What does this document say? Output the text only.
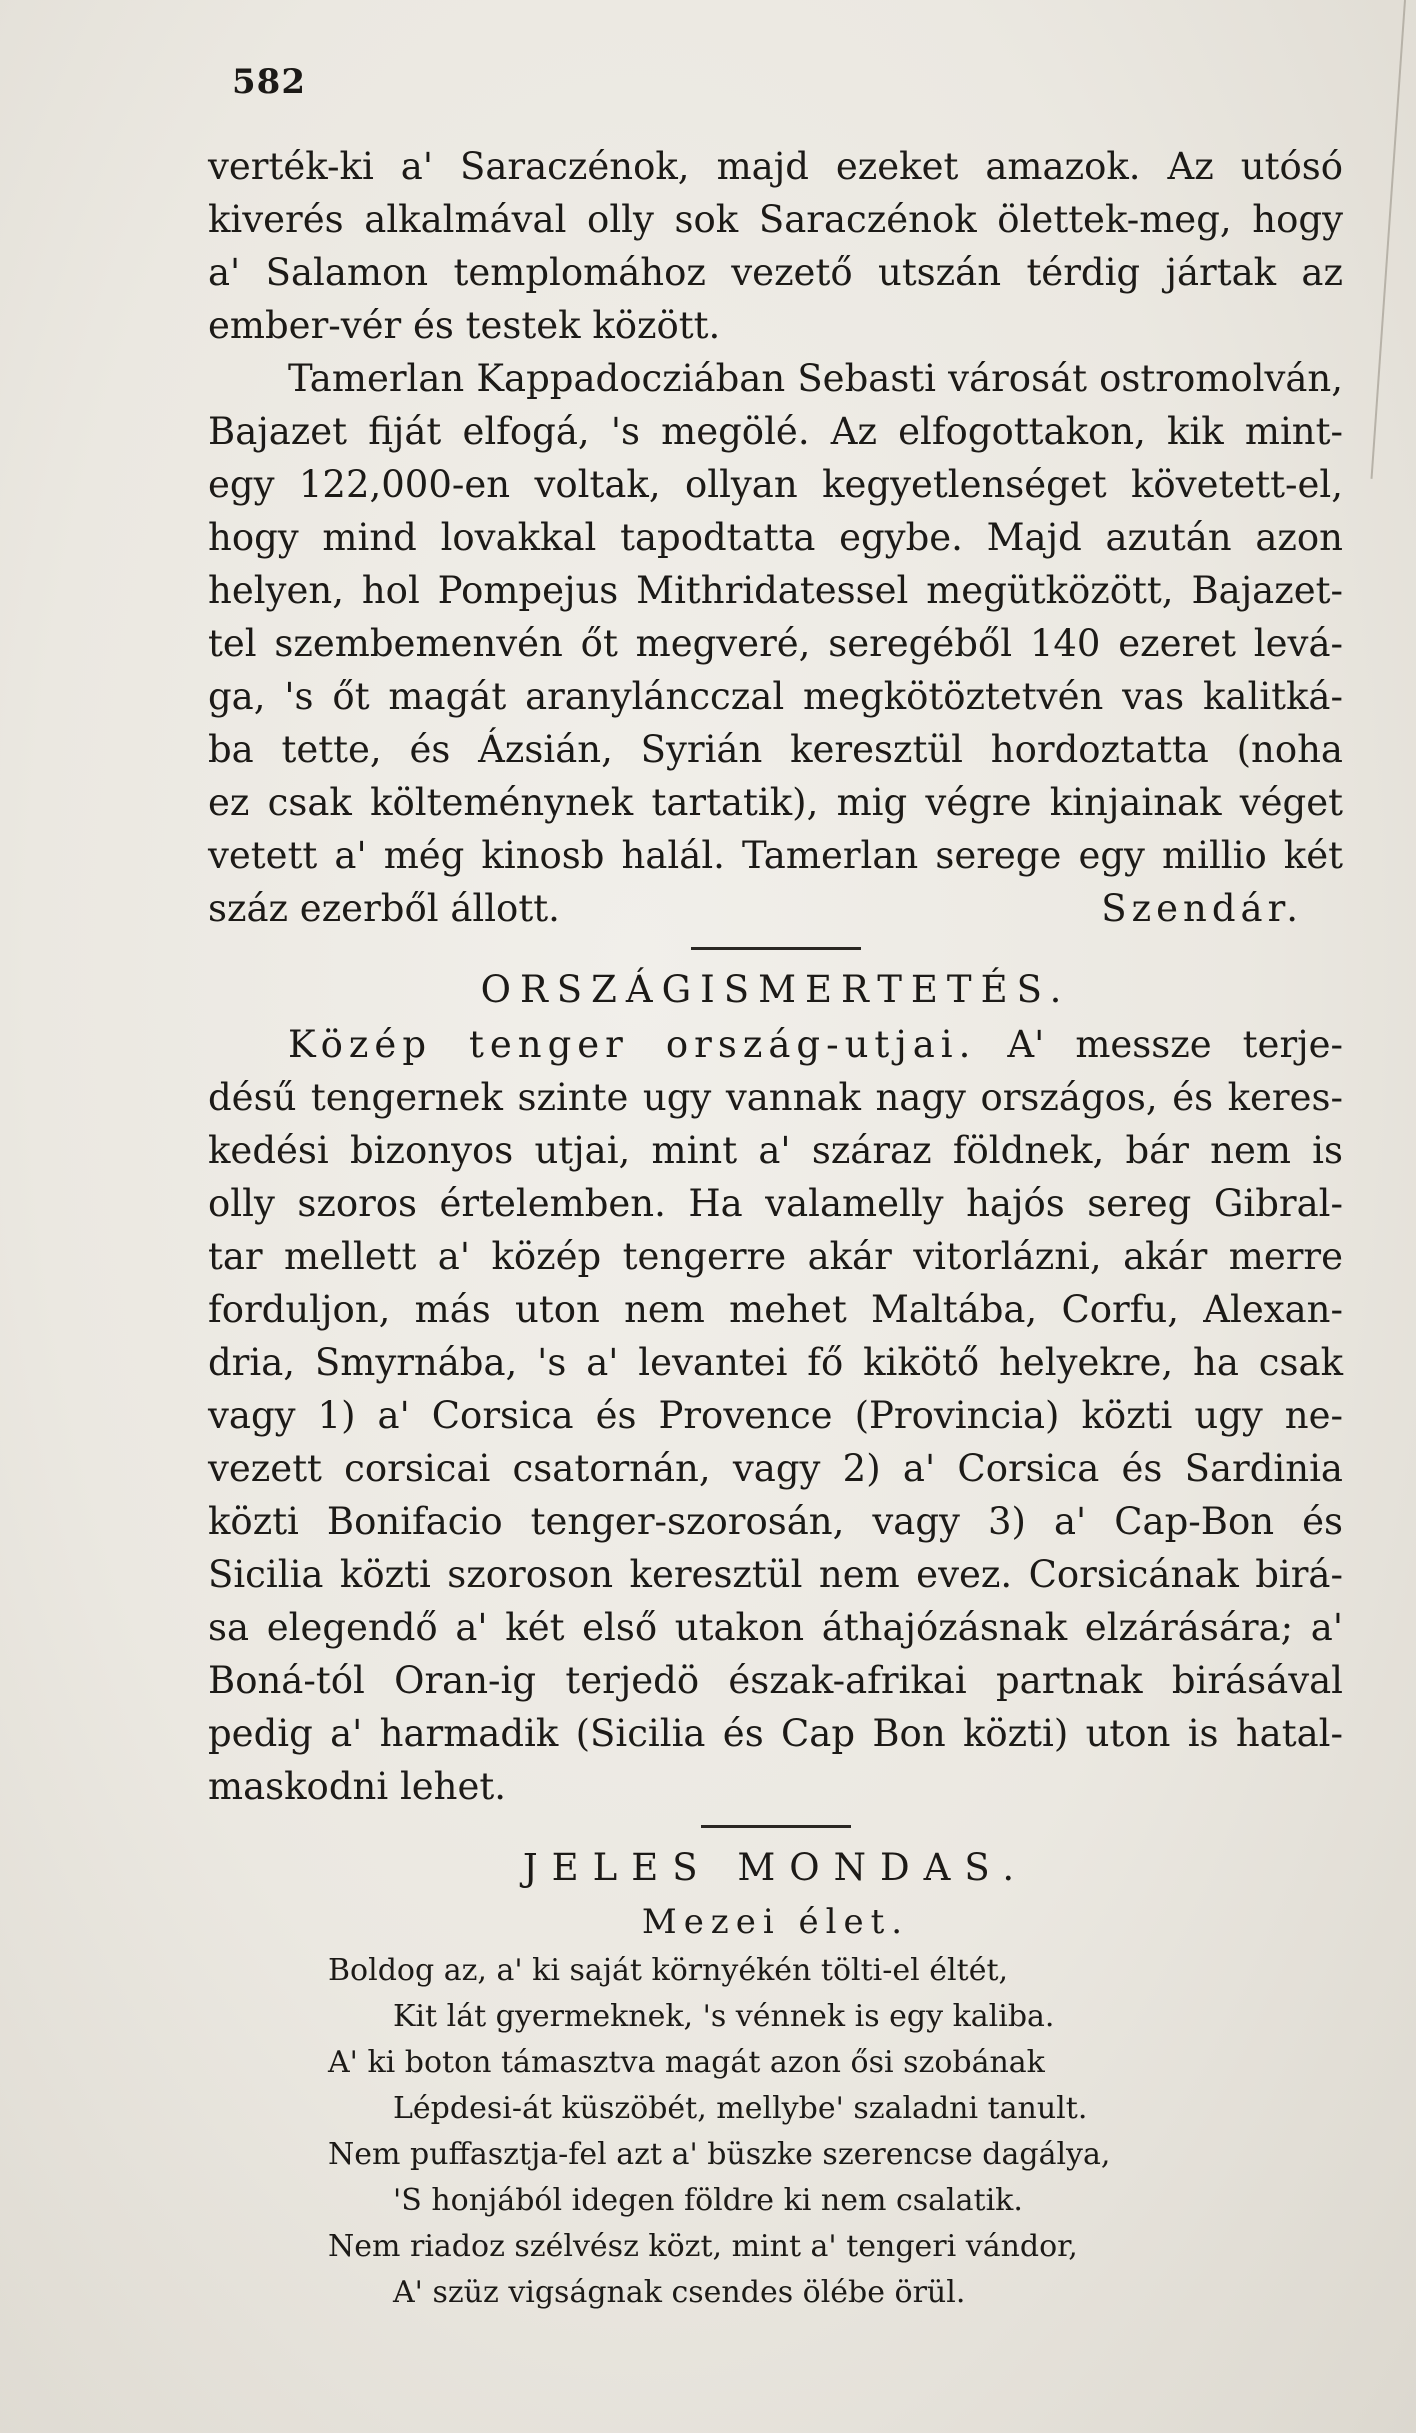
582
verték-ki a' Saraczénok, majd ezeket amazok. Az utósó
kiverés alkalmával olly sok Saraczénok ölettek-meg, hogy
a' Salamon templomához vezető utszán térdig jártak az
ember-vér és testek között.
Tamerlan Kappadocziában Sebasti városát ostromolván,
Bajazet fiját elfogá, 's megölé. Az elfogottakon, kik mint-
egy 122,000-en voltak, ollyan kegyetlenséget követett-el,
hogy mind lovakkal tapodtatta egybe. Majd azután azon
helyen, hol Pompejus Mithridatessel megütközött, Bajazet-
tel szembemenvén őt megveré, seregéből 140 ezeret levá-
ga, 's őt magát aranyláncczal megkötöztetvén vas kalitká-
ba tette, és Ázsián, Syrián keresztül hordoztatta (noha
ez csak költeménynek tartatik), mig végre kinjainak véget
vetett a' még kinosb halál. Tamerlan serege egy millio két
száz ezerből állott.	Szendár.
ORSZÁGISMERTETÉS.
Közép tenger ország-utjai. A' messze terje-
désű tengernek szinte ugy vannak nagy országos, és keres-
kedési bizonyos utjai, mint a' száraz földnek, bár nem is
olly szoros értelemben. Ha valamelly hajós sereg Gibral-
tar mellett a' közép tengerre akár vitorlázni, akár merre
forduljon, más uton nem mehet Maltába, Corfu, Alexan-
dria, Smyrnába, 's a' levantei fő kikötő helyekre, ha csak
vagy 1) a' Corsica és Provence (Provincia) közti ugy ne-
vezett corsicai csatornán, vagy 2) a' Corsica és Sardinia
közti Bonifacio tenger-szorosán, vagy 3) a' Cap-Bon és
Sicilia közti szoroson keresztül nem evez. Corsicának birá-
sa elegendő a' két első utakon áthajózásnak elzárására; a'
Boná-tól Oran-ig terjedö észak-afrikai partnak birásával
pedig a' harmadik (Sicilia és Cap Bon közti) uton is hatal-
maskodni lehet.
JELES MONDAS.
Mezei élet.
Boldog az, a' ki saját környékén tölti-el éltét,
Kit lát gyermeknek, 's vénnek is egy kaliba.
A' ki boton támasztva magát azon ősi szobának
Lépdesi-át küszöbét, mellybe' szaladni tanult.
Nem puffasztja-fel azt a' büszke szerencse dagálya,
'S honjából idegen földre ki nem csalatik.
Nem riadoz szélvész közt, mint a' tengeri vándor,
A' szüz vigságnak csendes ölébe örül.
